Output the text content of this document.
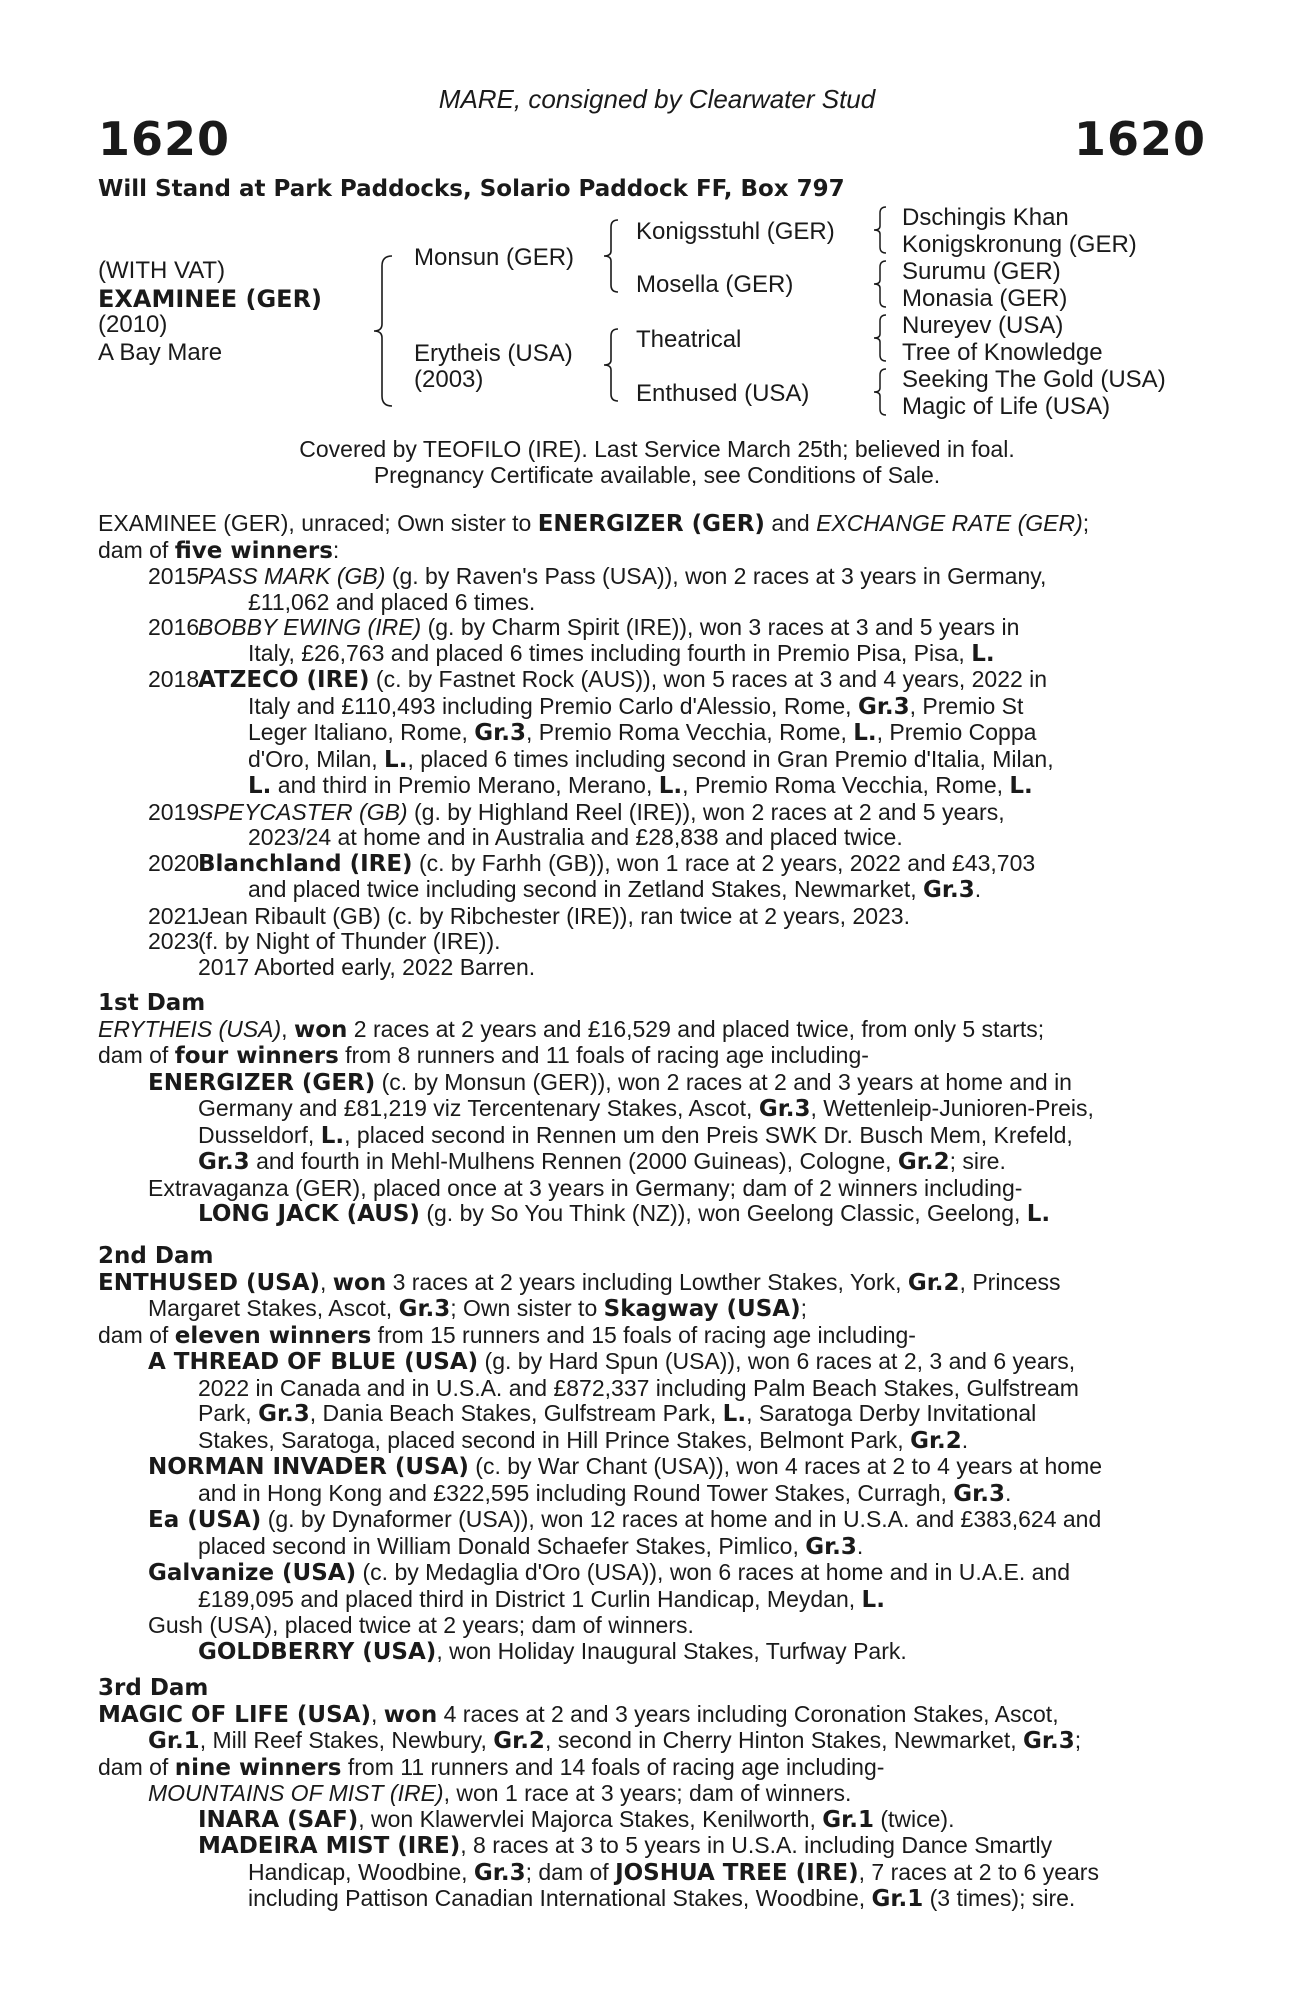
MARE, consigned by Clearwater Stud
1620	1620
Will Stand at Park Paddocks, Solario Paddock FF, Box 797
(WITH VAT)
EXAMINEE (GER)
(2010)
A Bay Mare
Monsun (GER)
Erytheis (USA)
(2003)
Konigsstuhl (GER)
Mosella (GER)
Theatrical
Enthused (USA)
Dschingis Khan
Konigskronung (GER)
Surumu (GER)
Monasia (GER)
Nureyev (USA)
Tree of Knowledge
Seeking The Gold (USA)
Magic of Life (USA)
Covered by TEOFILO (IRE). Last Service March 25th; believed in foal.
Pregnancy Certificate available, see Conditions of Sale.
EXAMINEE (GER), unraced; Own sister to ENERGIZER (GER) and EXCHANGE RATE (GER);
dam of five winners:
2015
PASS MARK (GB) (g. by Raven's Pass (USA)), won 2 races at 3 years in Germany,
£11,062 and placed 6 times.
2016
BOBBY EWING (IRE) (g. by Charm Spirit (IRE)), won 3 races at 3 and 5 years in
Italy, £26,763 and placed 6 times including fourth in Premio Pisa, Pisa, L.
2018
ATZECO (IRE) (c. by Fastnet Rock (AUS)), won 5 races at 3 and 4 years, 2022 in
Italy and £110,493 including Premio Carlo d'Alessio, Rome, Gr.3, Premio St
Leger Italiano, Rome, Gr.3, Premio Roma Vecchia, Rome, L., Premio Coppa
d'Oro, Milan, L., placed 6 times including second in Gran Premio d'Italia, Milan,
L. and third in Premio Merano, Merano, L., Premio Roma Vecchia, Rome, L.
2019
SPEYCASTER (GB) (g. by Highland Reel (IRE)), won 2 races at 2 and 5 years,
2023/24 at home and in Australia and £28,838 and placed twice.
2020
Blanchland (IRE) (c. by Farhh (GB)), won 1 race at 2 years, 2022 and £43,703
and placed twice including second in Zetland Stakes, Newmarket, Gr.3.
2021
Jean Ribault (GB) (c. by Ribchester (IRE)), ran twice at 2 years, 2023.
2023
(f. by Night of Thunder (IRE)).
2017 Aborted early, 2022 Barren.
1st Dam
ERYTHEIS (USA), won 2 races at 2 years and £16,529 and placed twice, from only 5 starts;
dam of four winners from 8 runners and 11 foals of racing age including-
ENERGIZER (GER) (c. by Monsun (GER)), won 2 races at 2 and 3 years at home and in
Germany and £81,219 viz Tercentenary Stakes, Ascot, Gr.3, Wettenleip-Junioren-Preis,
Dusseldorf, L., placed second in Rennen um den Preis SWK Dr. Busch Mem, Krefeld,
Gr.3 and fourth in Mehl-Mulhens Rennen (2000 Guineas), Cologne, Gr.2; sire.
Extravaganza (GER), placed once at 3 years in Germany; dam of 2 winners including-
LONG JACK (AUS) (g. by So You Think (NZ)), won Geelong Classic, Geelong, L.
2nd Dam
ENTHUSED (USA), won 3 races at 2 years including Lowther Stakes, York, Gr.2, Princess
Margaret Stakes, Ascot, Gr.3; Own sister to Skagway (USA);
dam of eleven winners from 15 runners and 15 foals of racing age including-
A THREAD OF BLUE (USA) (g. by Hard Spun (USA)), won 6 races at 2, 3 and 6 years,
2022 in Canada and in U.S.A. and £872,337 including Palm Beach Stakes, Gulfstream
Park, Gr.3, Dania Beach Stakes, Gulfstream Park, L., Saratoga Derby Invitational
Stakes, Saratoga, placed second in Hill Prince Stakes, Belmont Park, Gr.2.
NORMAN INVADER (USA) (c. by War Chant (USA)), won 4 races at 2 to 4 years at home
and in Hong Kong and £322,595 including Round Tower Stakes, Curragh, Gr.3.
Ea (USA) (g. by Dynaformer (USA)), won 12 races at home and in U.S.A. and £383,624 and
placed second in William Donald Schaefer Stakes, Pimlico, Gr.3.
Galvanize (USA) (c. by Medaglia d'Oro (USA)), won 6 races at home and in U.A.E. and
£189,095 and placed third in District 1 Curlin Handicap, Meydan, L.
Gush (USA), placed twice at 2 years; dam of winners.
GOLDBERRY (USA), won Holiday Inaugural Stakes, Turfway Park.
3rd Dam
MAGIC OF LIFE (USA), won 4 races at 2 and 3 years including Coronation Stakes, Ascot,
Gr.1, Mill Reef Stakes, Newbury, Gr.2, second in Cherry Hinton Stakes, Newmarket, Gr.3;
dam of nine winners from 11 runners and 14 foals of racing age including-
MOUNTAINS OF MIST (IRE), won 1 race at 3 years; dam of winners.
INARA (SAF), won Klawervlei Majorca Stakes, Kenilworth, Gr.1 (twice).
MADEIRA MIST (IRE), 8 races at 3 to 5 years in U.S.A. including Dance Smartly
Handicap, Woodbine, Gr.3; dam of JOSHUA TREE (IRE), 7 races at 2 to 6 years
including Pattison Canadian International Stakes, Woodbine, Gr.1 (3 times); sire.
